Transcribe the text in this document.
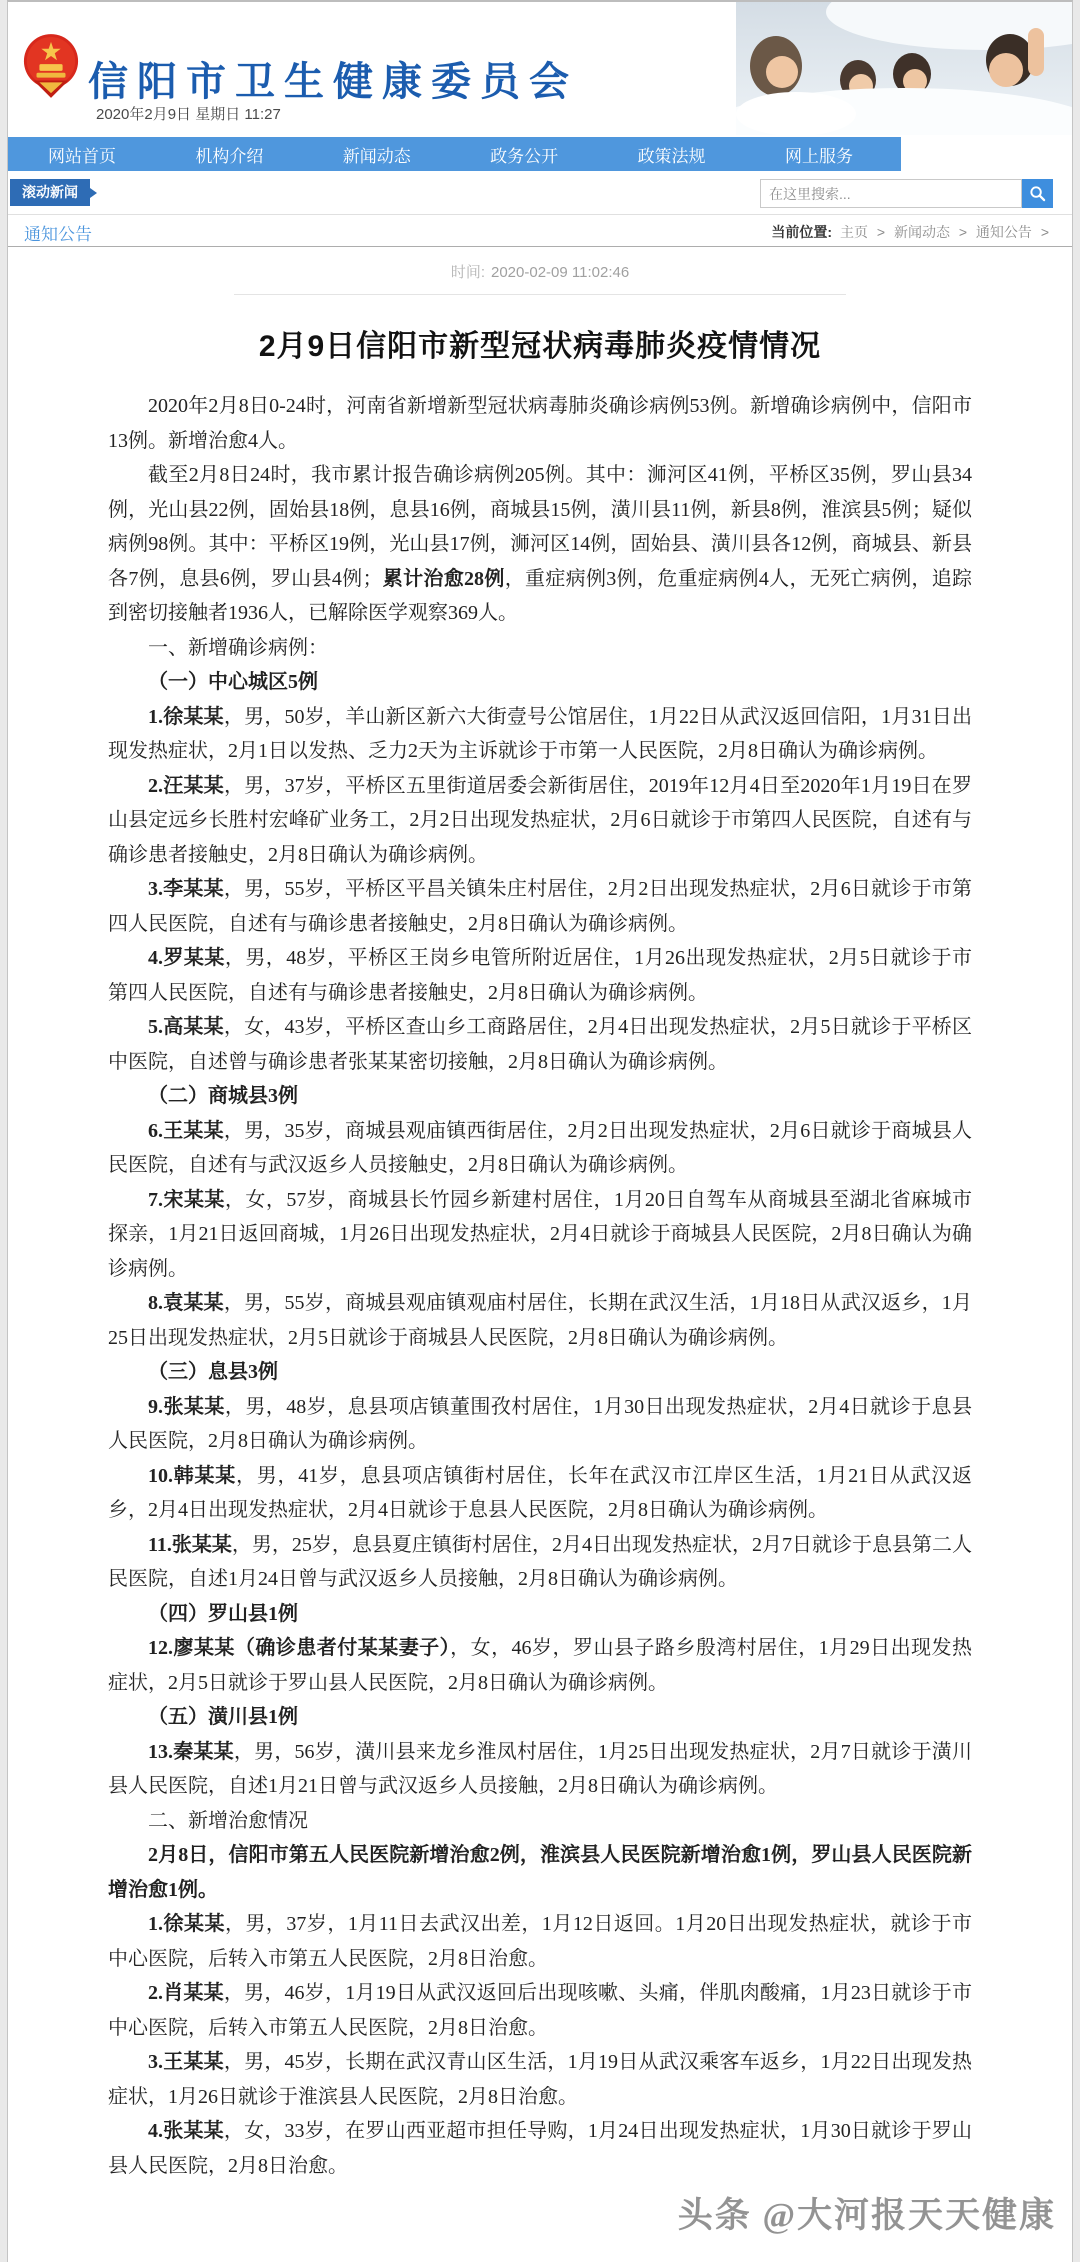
信阳市卫生健康委员会
2020年2月9日 星期日 11:27
网站首页	机构介绍	新闻动态	政务公开	政策法规	网上服务
滚动新闻
在这里搜索...
通知公告	当前位置: 主页 > 新闻动态 > 通知公告 >
时间: 2020-02-09 11:02:46
2月9日信阳市新型冠状病毒肺炎疫情情况

2020年2月8日0-24时，河南省新增新型冠状病毒肺炎确诊病例53例。新增确诊病例中，信阳市13例。新增治愈4人。

截至2月8日24时，我市累计报告确诊病例205例。其中：浉河区41例，平桥区35例，罗山县34例，光山县22例，固始县18例，息县16例，商城县15例，潢川县11例，新县8例，淮滨县5例；疑似病例98例。其中：平桥区19例，光山县17例，浉河区14例，固始县、潢川县各12例，商城县、新县各7例，息县6例，罗山县4例；累计治愈28例，重症病例3例，危重症病例4人，无死亡病例，追踪到密切接触者1936人，已解除医学观察369人。

一、新增确诊病例：

（一）中心城区5例

1.徐某某，男，50岁，羊山新区新六大街壹号公馆居住，1月22日从武汉返回信阳，1月31日出现发热症状，2月1日以发热、乏力2天为主诉就诊于市第一人民医院，2月8日确认为确诊病例。

2.汪某某，男，37岁，平桥区五里街道居委会新街居住，2019年12月4日至2020年1月19日在罗山县定远乡长胜村宏峰矿业务工，2月2日出现发热症状，2月6日就诊于市第四人民医院，自述有与确诊患者接触史，2月8日确认为确诊病例。

3.李某某，男，55岁，平桥区平昌关镇朱庄村居住，2月2日出现发热症状，2月6日就诊于市第四人民医院，自述有与确诊患者接触史，2月8日确认为确诊病例。

4.罗某某，男，48岁，平桥区王岗乡电管所附近居住，1月26出现发热症状，2月5日就诊于市第四人民医院，自述有与确诊患者接触史，2月8日确认为确诊病例。

5.高某某，女，43岁，平桥区查山乡工商路居住，2月4日出现发热症状，2月5日就诊于平桥区中医院，自述曾与确诊患者张某某密切接触，2月8日确认为确诊病例。

（二）商城县3例

6.王某某，男，35岁，商城县观庙镇西街居住，2月2日出现发热症状，2月6日就诊于商城县人民医院，自述有与武汉返乡人员接触史，2月8日确认为确诊病例。

7.宋某某，女，57岁，商城县长竹园乡新建村居住，1月20日自驾车从商城县至湖北省麻城市探亲，1月21日返回商城，1月26日出现发热症状，2月4日就诊于商城县人民医院，2月8日确认为确诊病例。

8.袁某某，男，55岁，商城县观庙镇观庙村居住，长期在武汉生活，1月18日从武汉返乡，1月25日出现发热症状，2月5日就诊于商城县人民医院，2月8日确认为确诊病例。

（三）息县3例

9.张某某，男，48岁，息县项店镇董围孜村居住，1月30日出现发热症状，2月4日就诊于息县人民医院，2月8日确认为确诊病例。

10.韩某某，男，41岁，息县项店镇街村居住，长年在武汉市江岸区生活，1月21日从武汉返乡，2月4日出现发热症状，2月4日就诊于息县人民医院，2月8日确认为确诊病例。

11.张某某，男，25岁，息县夏庄镇街村居住，2月4日出现发热症状，2月7日就诊于息县第二人民医院，自述1月24日曾与武汉返乡人员接触，2月8日确认为确诊病例。

（四）罗山县1例

12.廖某某（确诊患者付某某妻子），女，46岁，罗山县子路乡殷湾村居住，1月29日出现发热症状，2月5日就诊于罗山县人民医院，2月8日确认为确诊病例。

（五）潢川县1例

13.秦某某，男，56岁，潢川县来龙乡淮凤村居住，1月25日出现发热症状，2月7日就诊于潢川县人民医院，自述1月21日曾与武汉返乡人员接触，2月8日确认为确诊病例。

二、新增治愈情况

2月8日，信阳市第五人民医院新增治愈2例，淮滨县人民医院新增治愈1例，罗山县人民医院新增治愈1例。

1.徐某某，男，37岁，1月11日去武汉出差，1月12日返回。1月20日出现发热症状，就诊于市中心医院，后转入市第五人民医院，2月8日治愈。

2.肖某某，男，46岁，1月19日从武汉返回后出现咳嗽、头痛，伴肌肉酸痛，1月23日就诊于市中心医院，后转入市第五人民医院，2月8日治愈。

3.王某某，男，45岁，长期在武汉青山区生活，1月19日从武汉乘客车返乡，1月22日出现发热症状，1月26日就诊于淮滨县人民医院，2月8日治愈。

4.张某某，女，33岁，在罗山西亚超市担任导购，1月24日出现发热症状，1月30日就诊于罗山县人民医院，2月8日治愈。

头条 @大河报天天健康
